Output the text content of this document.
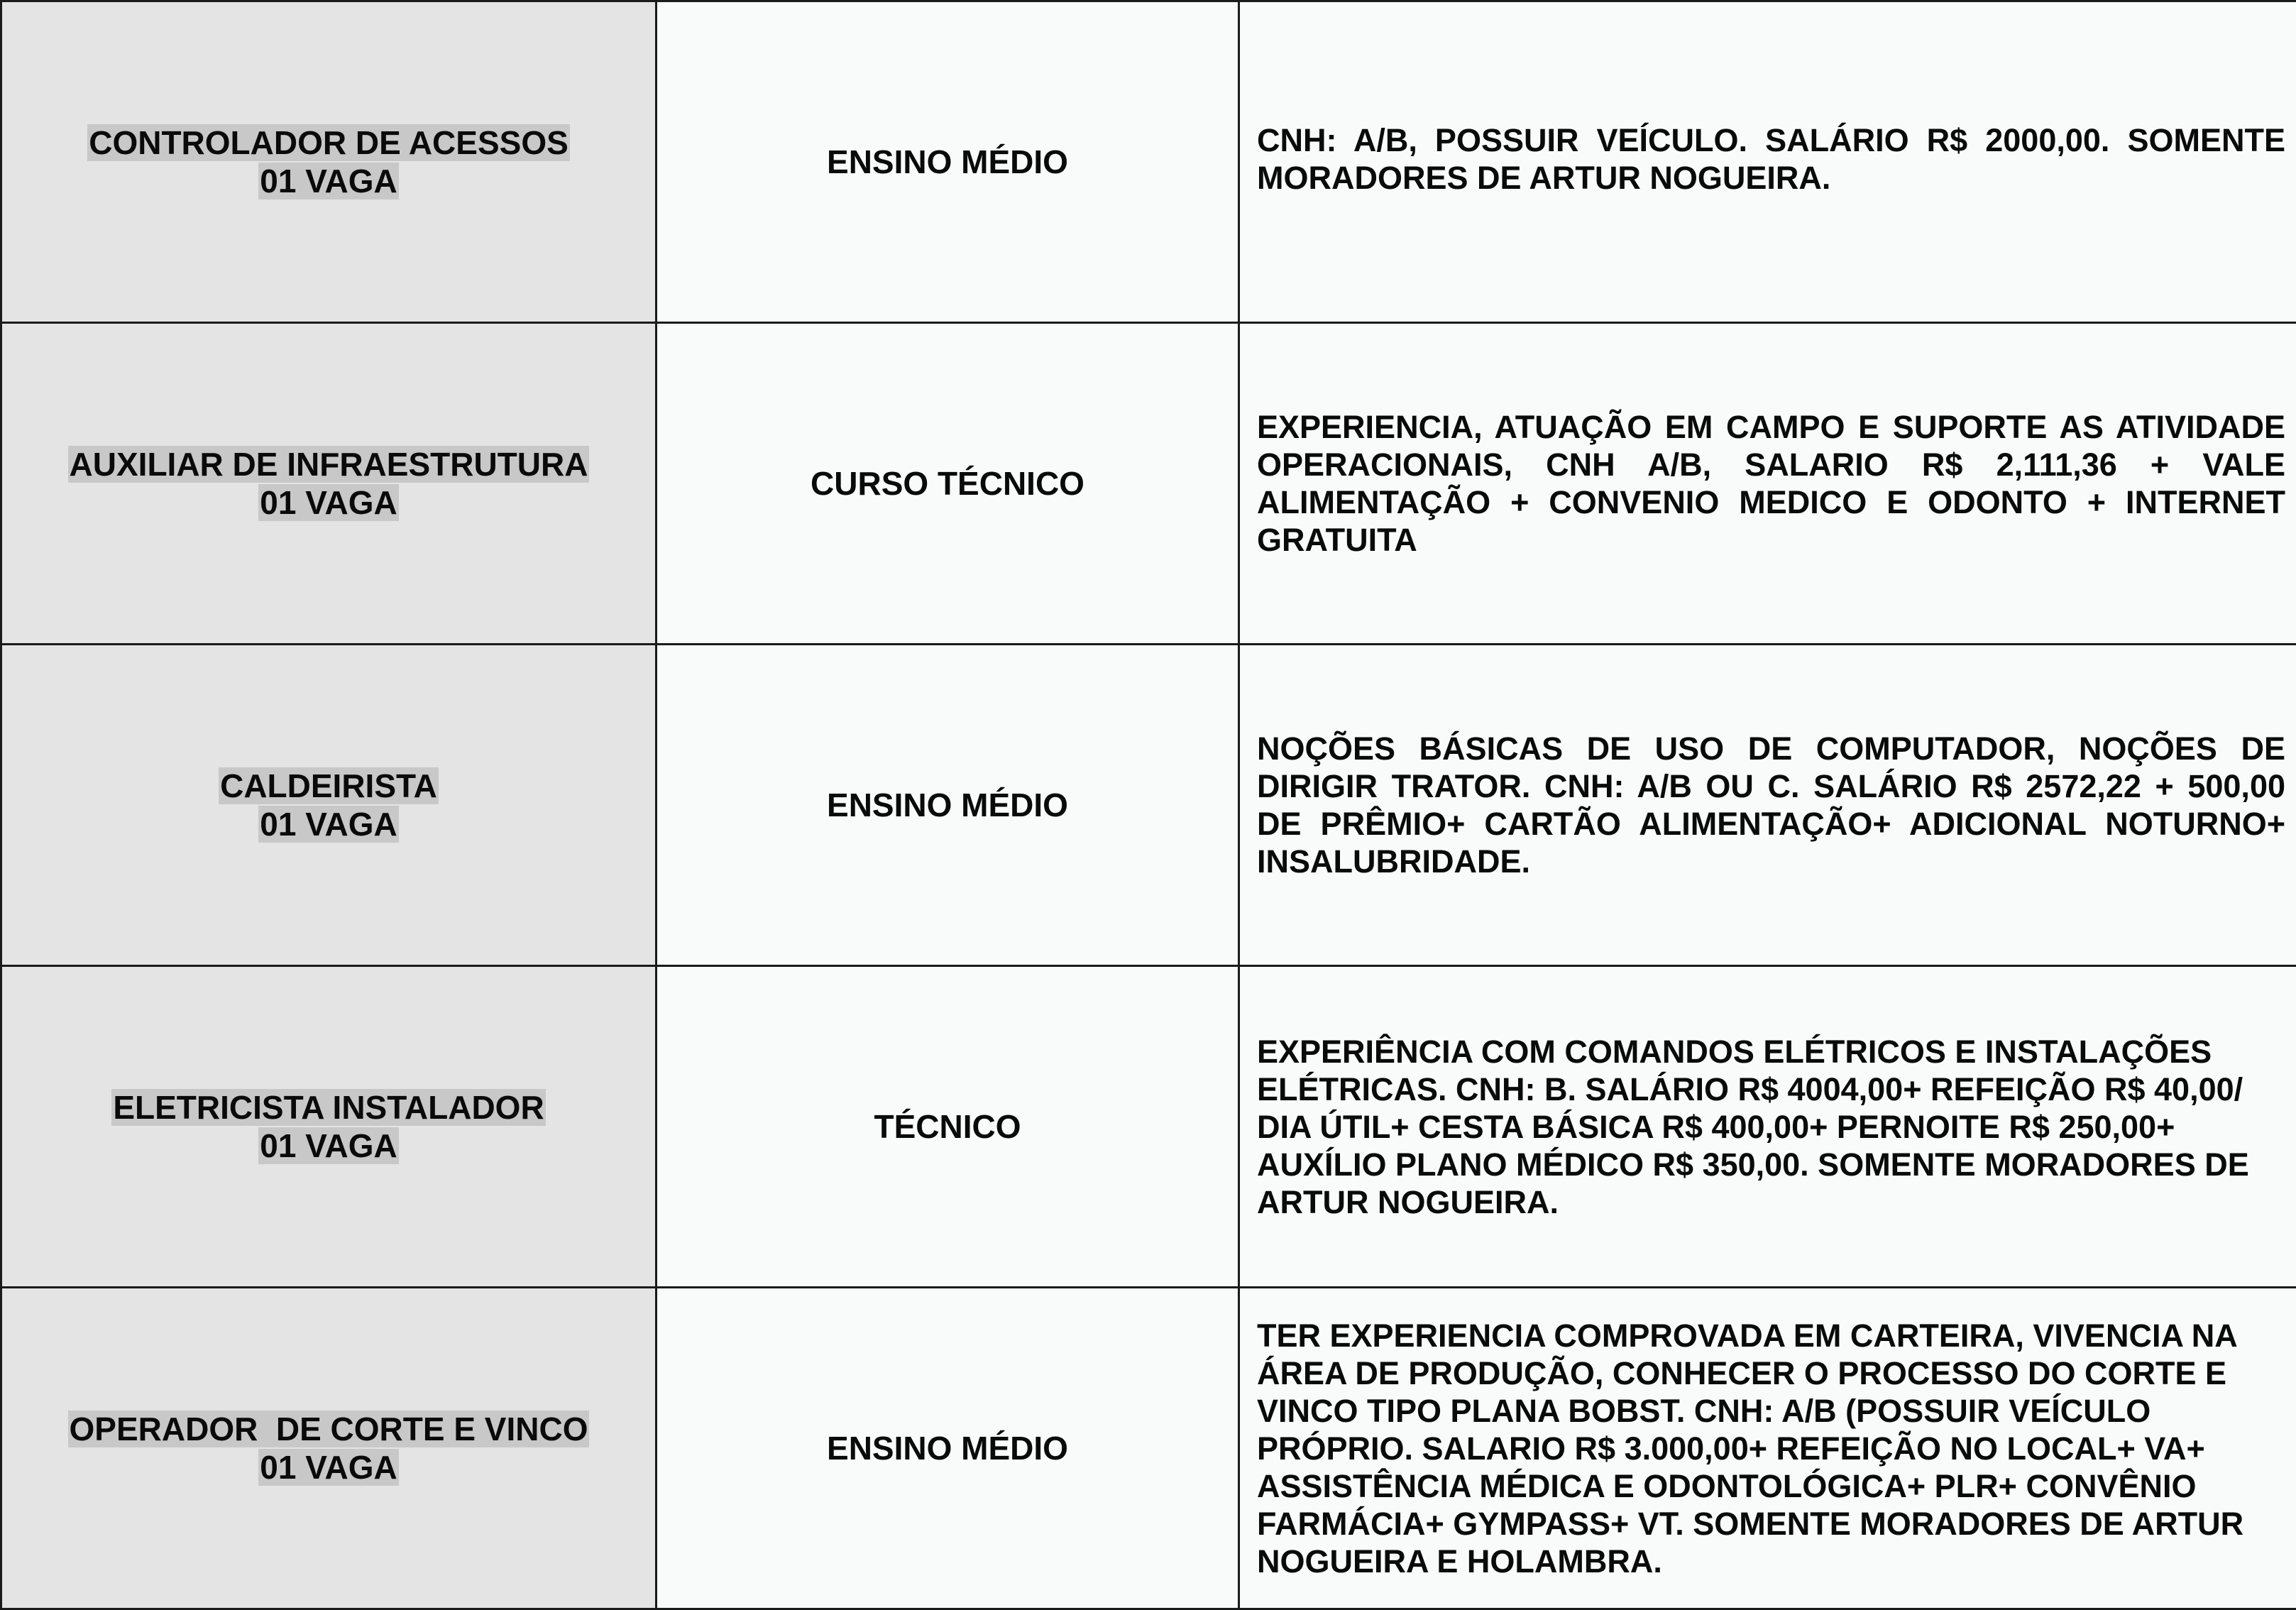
CONTROLADOR DE ACESSOS
01 VAGA	ENSINO MÉDIO	CNH: A/B, POSSUIR VEÍCULO. SALÁRIO R$ 2000,00. SOMENTE MORADORES DE ARTUR NOGUEIRA.

AUXILIAR DE INFRAESTRUTURA
01 VAGA	CURSO TÉCNICO	EXPERIENCIA, ATUAÇÃO EM CAMPO E SUPORTE AS ATIVIDADE OPERACIONAIS, CNH A/B, SALARIO R$ 2,111,36 + VALE ALIMENTAÇÃO + CONVENIO MEDICO E ODONTO + INTERNET GRATUITA

CALDEIRISTA
01 VAGA	ENSINO MÉDIO	NOÇÕES BÁSICAS DE USO DE COMPUTADOR, NOÇÕES DE DIRIGIR TRATOR. CNH: A/B OU C. SALÁRIO R$ 2572,22 + 500,00 DE PRÊMIO+ CARTÃO ALIMENTAÇÃO+ ADICIONAL NOTURNO+ INSALUBRIDADE.

ELETRICISTA INSTALADOR
01 VAGA	TÉCNICO	EXPERIÊNCIA COM COMANDOS ELÉTRICOS E INSTALAÇÕES ELÉTRICAS. CNH: B. SALÁRIO R$ 4004,00+ REFEIÇÃO R$ 40,00/ DIA ÚTIL+ CESTA BÁSICA R$ 400,00+ PERNOITE R$ 250,00+ AUXÍLIO PLANO MÉDICO R$ 350,00. SOMENTE MORADORES DE ARTUR NOGUEIRA.

OPERADOR  DE CORTE E VINCO
01 VAGA	ENSINO MÉDIO	TER EXPERIENCIA COMPROVADA EM CARTEIRA, VIVENCIA NA ÁREA DE PRODUÇÃO, CONHECER O PROCESSO DO CORTE E VINCO TIPO PLANA BOBST. CNH: A/B (POSSUIR VEÍCULO PRÓPRIO. SALARIO R$ 3.000,00+ REFEIÇÃO NO LOCAL+ VA+ ASSISTÊNCIA MÉDICA E ODONTOLÓGICA+ PLR+ CONVÊNIO FARMÁCIA+ GYMPASS+ VT. SOMENTE MORADORES DE ARTUR NOGUEIRA E HOLAMBRA.
